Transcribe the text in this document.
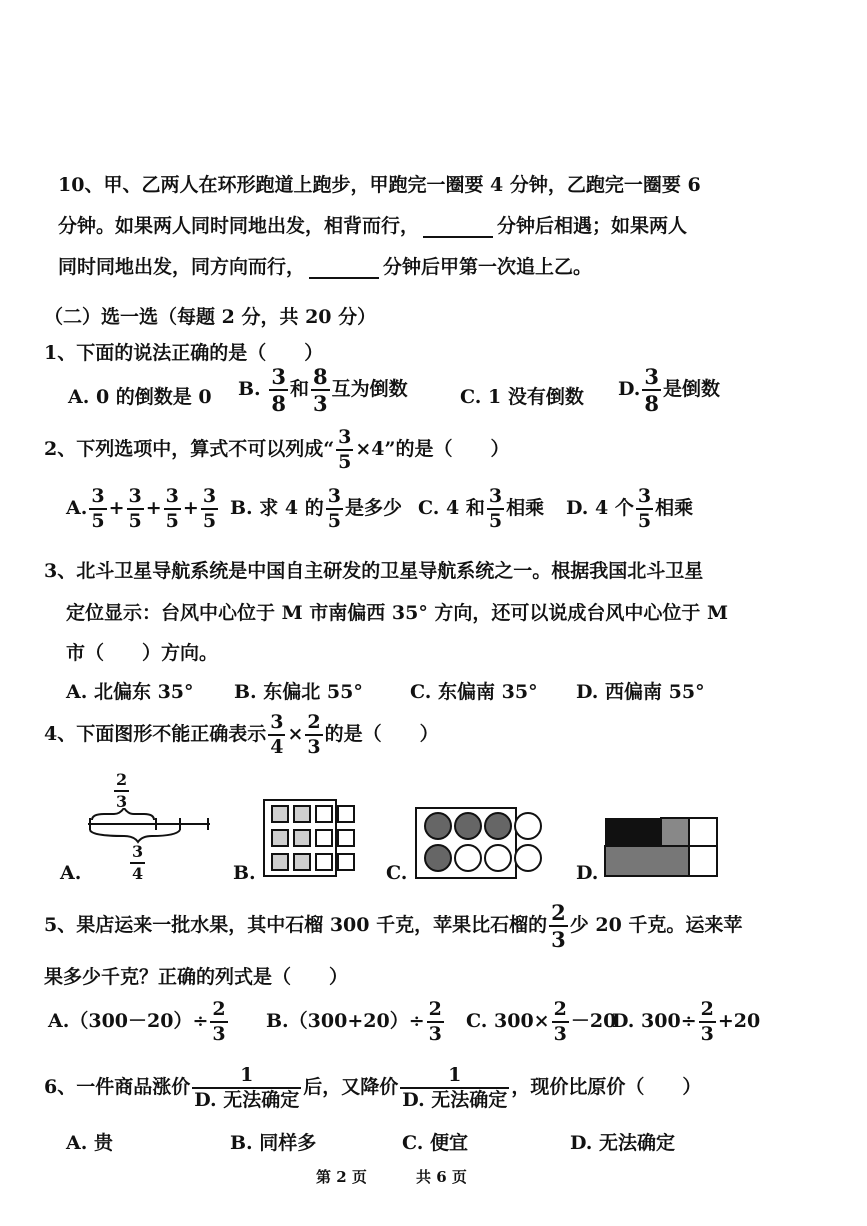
10、甲、乙两人在环形跑道上跑步，甲跑完一圈要 4 分钟，乙跑完一圈要 6
分钟。如果两人同时同地出发，相背而行，	分钟后相遇；如果两人
同时同地出发，同方向而行，	分钟后甲第一次追上乙。
（二）选一选（每题 2 分，共 20 分）
1、下面的说法正确的是（　　）
A. 0 的倒数是 0 B. $\frac{3}{8}$ 和 $\frac{8}{3}$ 互为倒数	C. 1 没有倒数 D. $\frac{3}{8}$ 是倒数
2、下列选项中，算式不可以列成“ $\frac{3}{5} \times 4$”的是（　　）
A. $\frac{3}{5} + \frac{3}{5} + \frac{3}{5} + \frac{3}{5} B$. 求 4 的 $\frac{3}{5}$ 是多少 C. 4 和 $\frac{3}{5}$ 相乘 D. 4 个 $\frac{3}{5}$ 相乘
3、北斗卫星导航系统是中国自主研发的卫星导航系统之一。根据我国北斗卫星
定位显示：台风中心位于 M 市南偏西 35° 方向，还可以说成台风中心位于 M
市（　　）方向。
A. 北偏东 35° B. 东偏北 55° C. 东偏南 35° D. 西偏南 55°
4、下面图形不能正确表示 $\frac{3}{4} \times \frac{2}{3}$ 的是（　　）
$\frac{2}{3}$
$\frac{3}{4}$
A.	B.	C.	D.
5、果店运来一批水果，其中石榴 300 千克，苹果比石榴的 $\frac{2}{3}$ 少 20 千克。运来苹
果多少千克？正确的列式是（　　）
$A.(300-20)\div \frac{2}{3} B.(300+20)\div \frac{2}{3} C$. $300\times \frac{2}{3} -20$
D. $300\div \frac{2}{3} +20$
6、一件商品涨价 $\frac{1}{\text{D. 无法确定}}$ 后，又降价 $\frac{1}{\text{D. 无法确定}}$ ，现价比原价（　　）
A. 贵	B. 同样多	C. 便宜	D. 无法确定
第 2 页	共 6 页
